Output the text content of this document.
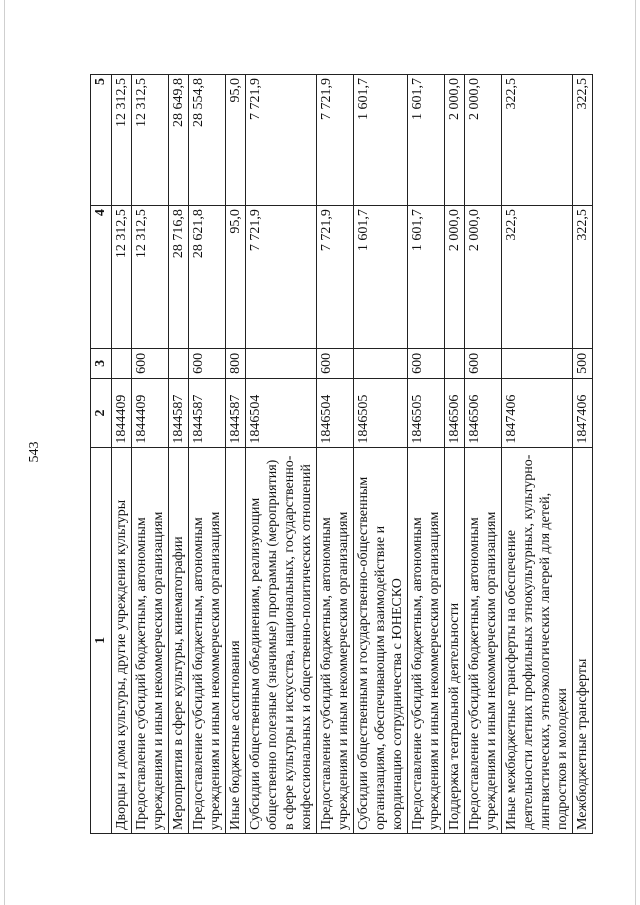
543
1	2	3	4	5
Дворцы и дома культуры, другие учреждения культуры	1844409		12 312,5	12 312,5
Предоставление субсидий бюджетным, автономным учреждениям и иным некоммерческим организациям	1844409	600	12 312,5	12 312,5
Мероприятия в сфере культуры, кинематографии	1844587		28 716,8	28 649,8
Предоставление субсидий бюджетным, автономным учреждениям и иным некоммерческим организациям	1844587	600	28 621,8	28 554,8
Иные бюджетные ассигнования	1844587	800	95,0	95,0
Субсидии общественным объединениям, реализующим общественно полезные (значимые) программы (мероприятия) в сфере культуры и искусства, национальных, государственно-конфессиональных и общественно-политических отношений	1846504		7 721,9	7 721,9
Предоставление субсидий бюджетным, автономным учреждениям и иным некоммерческим организациям	1846504	600	7 721,9	7 721,9
Субсидии общественным и государственно-общественным организациям, обеспечивающим взаимодействие и координацию сотрудничества с ЮНЕСКО	1846505		1 601,7	1 601,7
Предоставление субсидий бюджетным, автономным учреждениям и иным некоммерческим организациям	1846505	600	1 601,7	1 601,7
Поддержка театральной деятельности	1846506		2 000,0	2 000,0
Предоставление субсидий бюджетным, автономным учреждениям и иным некоммерческим организациям	1846506	600	2 000,0	2 000,0
Иные межбюджетные трансферты на обеспечение деятельности летних профильных этнокультурных, культурно-лингвистических, этноэкологических лагерей для детей, подростков и молодежи	1847406		322,5	322,5
Межбюджетные трансферты	1847406	500	322,5	322,5
